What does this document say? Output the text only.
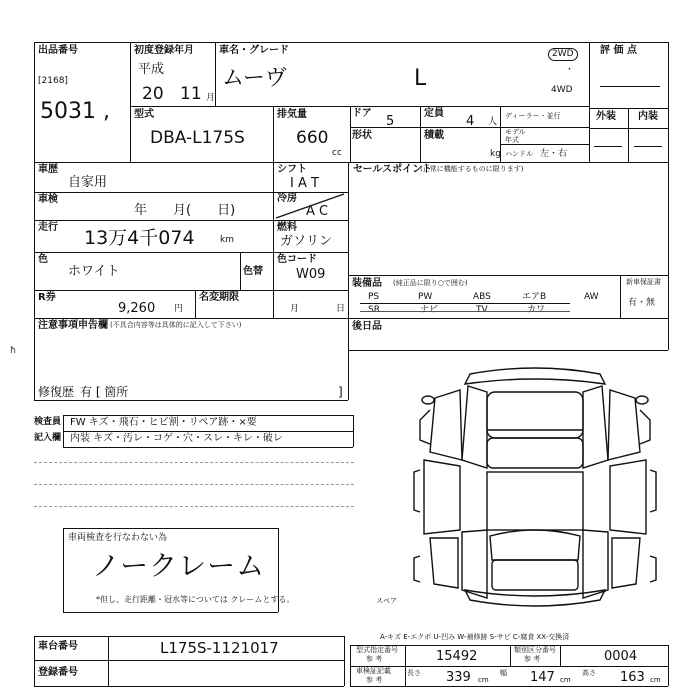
出品番号
[2168]
5031 ,
初度登録年月
平成
20 11 月
車名・グレード
ムーヴ	L
2WD
・
4WD
評 価 点
外装 内装
型式
DBA-L175S
排気量
660
cc
ドア
5
形状
定員
4 人
積載
kg
ディーラー・並行
モデル
年式
ハンドル 左・右
車歴
自家用
シフト
I A T
車検
年　　月(　　日)
冷房
A C
走行 13万4千074	km
燃料
ガソリン
色
ホワイト	色替
色コード
W09
R券
9,260 円
名変期限
月	日
セールスポイント
(正常に機能するものに限ります)
装備品 (純正品に限り○で囲む)
PS	PW	ABS	エアB	AW
SR	ナビ	TV	カワ
新車保証書
有・無
後日品
注意事項申告欄 (不具合内容等は具体的に記入して下さい)
修復歴 有 [ 箇所	]
ħ
検査員
記入欄
FW キズ・飛石・ヒビ割・リペア跡・×要
内装 キズ・汚レ・コゲ・穴・スレ・キレ・破レ
車両検査を行なわない為
ノークレーム
*但し、走行距離・冠水等については クレームとする。	スペア
A-キズ E-エクボ U-凹み W-補修跡 S-サビ C-腐食 XX-交換済
車台番号	L175S-1121017
登録番号
型式指定番号
参 考	15492	類別区分番号
参 考	0004
車検証記載
参 考
長さ 339 cm
幅 147 cm
高さ 163 cm
